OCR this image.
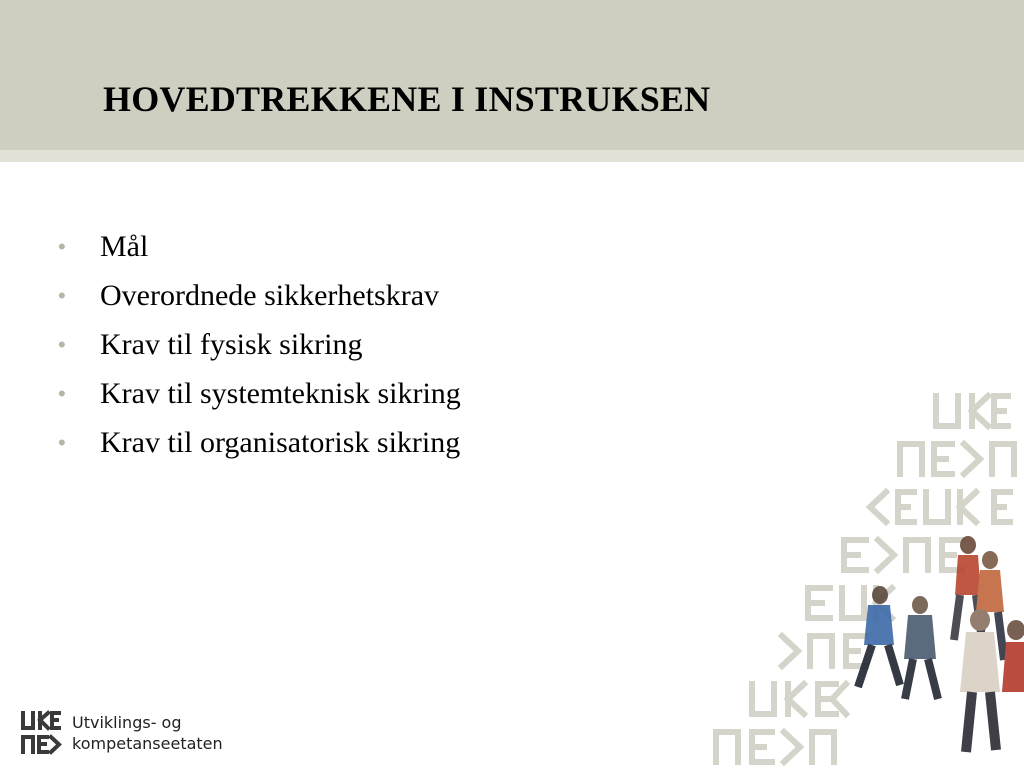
HOVEDTREKKENE I INSTRUKSEN
•	Mål
•	Overordnede sikkerhetskrav
•	Krav til fysisk sikring
•	Krav til systemteknisk sikring
•	Krav til organisatorisk sikring
Utviklings- og
kompetanseetaten
